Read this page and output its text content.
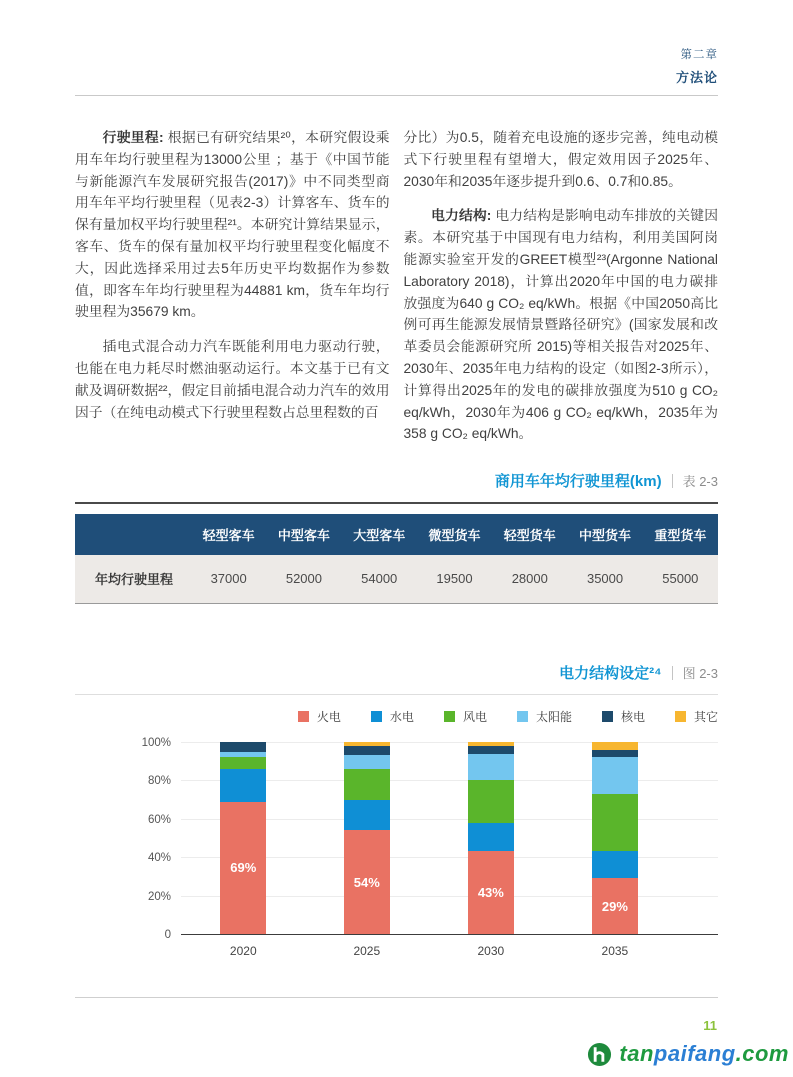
第二章
方法论

行驶里程: 根据已有研究结果²⁰，本研究假设乘用车年均行驶里程为13000公里 ；基于《中国节能与新能源汽车发展研究报告(2017)》中不同类型商用车年平均行驶里程（见表2-3）计算客车、货车的保有量加权平均行驶里程²¹。本研究计算结果显示，客车、货车的保有量加权平均行驶里程变化幅度不大，因此选择采用过去5年历史平均数据作为参数值，即客车年均行驶里程为44881 km，货车年均行驶里程为35679 km。

插电式混合动力汽车既能利用电力驱动行驶，也能在电力耗尽时燃油驱动运行。本文基于已有文献及调研数据²²，假定目前插电混合动力汽车的效用因子（在纯电动模式下行驶里程数占总里程数的百

分比）为0.5，随着充电设施的逐步完善，纯电动模式下行驶里程有望增大，假定效用因子2025年、2030年和2035年逐步提升到0.6、0.7和0.85。

电力结构: 电力结构是影响电动车排放的关键因素。本研究基于中国现有电力结构，利用美国阿岗能源实验室开发的GREET模型²³(Argonne National Laboratory 2018)，计算出2020年中国的电力碳排放强度为640 g CO₂ eq/kWh。根据《中国2050高比例可再生能源发展情景暨路径研究》(国家发展和改革委员会能源研究所 2015)等相关报告对2025年、2030年、2035年电力结构的设定（如图2-3所示），计算得出2025年的发电的碳排放强度为510 g CO₂ eq/kWh，2030年为406 g CO₂ eq/kWh，2035年为358 g CO₂ eq/kWh。

商用车年均行驶里程(km) 表 2-3
	轻型客车	中型客车	大型客车	微型货车	轻型货车	中型货车	重型货车
年均行驶里程	37000	52000	54000	19500	28000	35000	55000
电力结构设定²⁴ 图 2-3
火电	水电	风电	太阳能	核电	其它
100%
80%
60%
40%
20%
0
69%
54%
43%
29%
2020	2025	2030	2035
11
tanpaifang.com
